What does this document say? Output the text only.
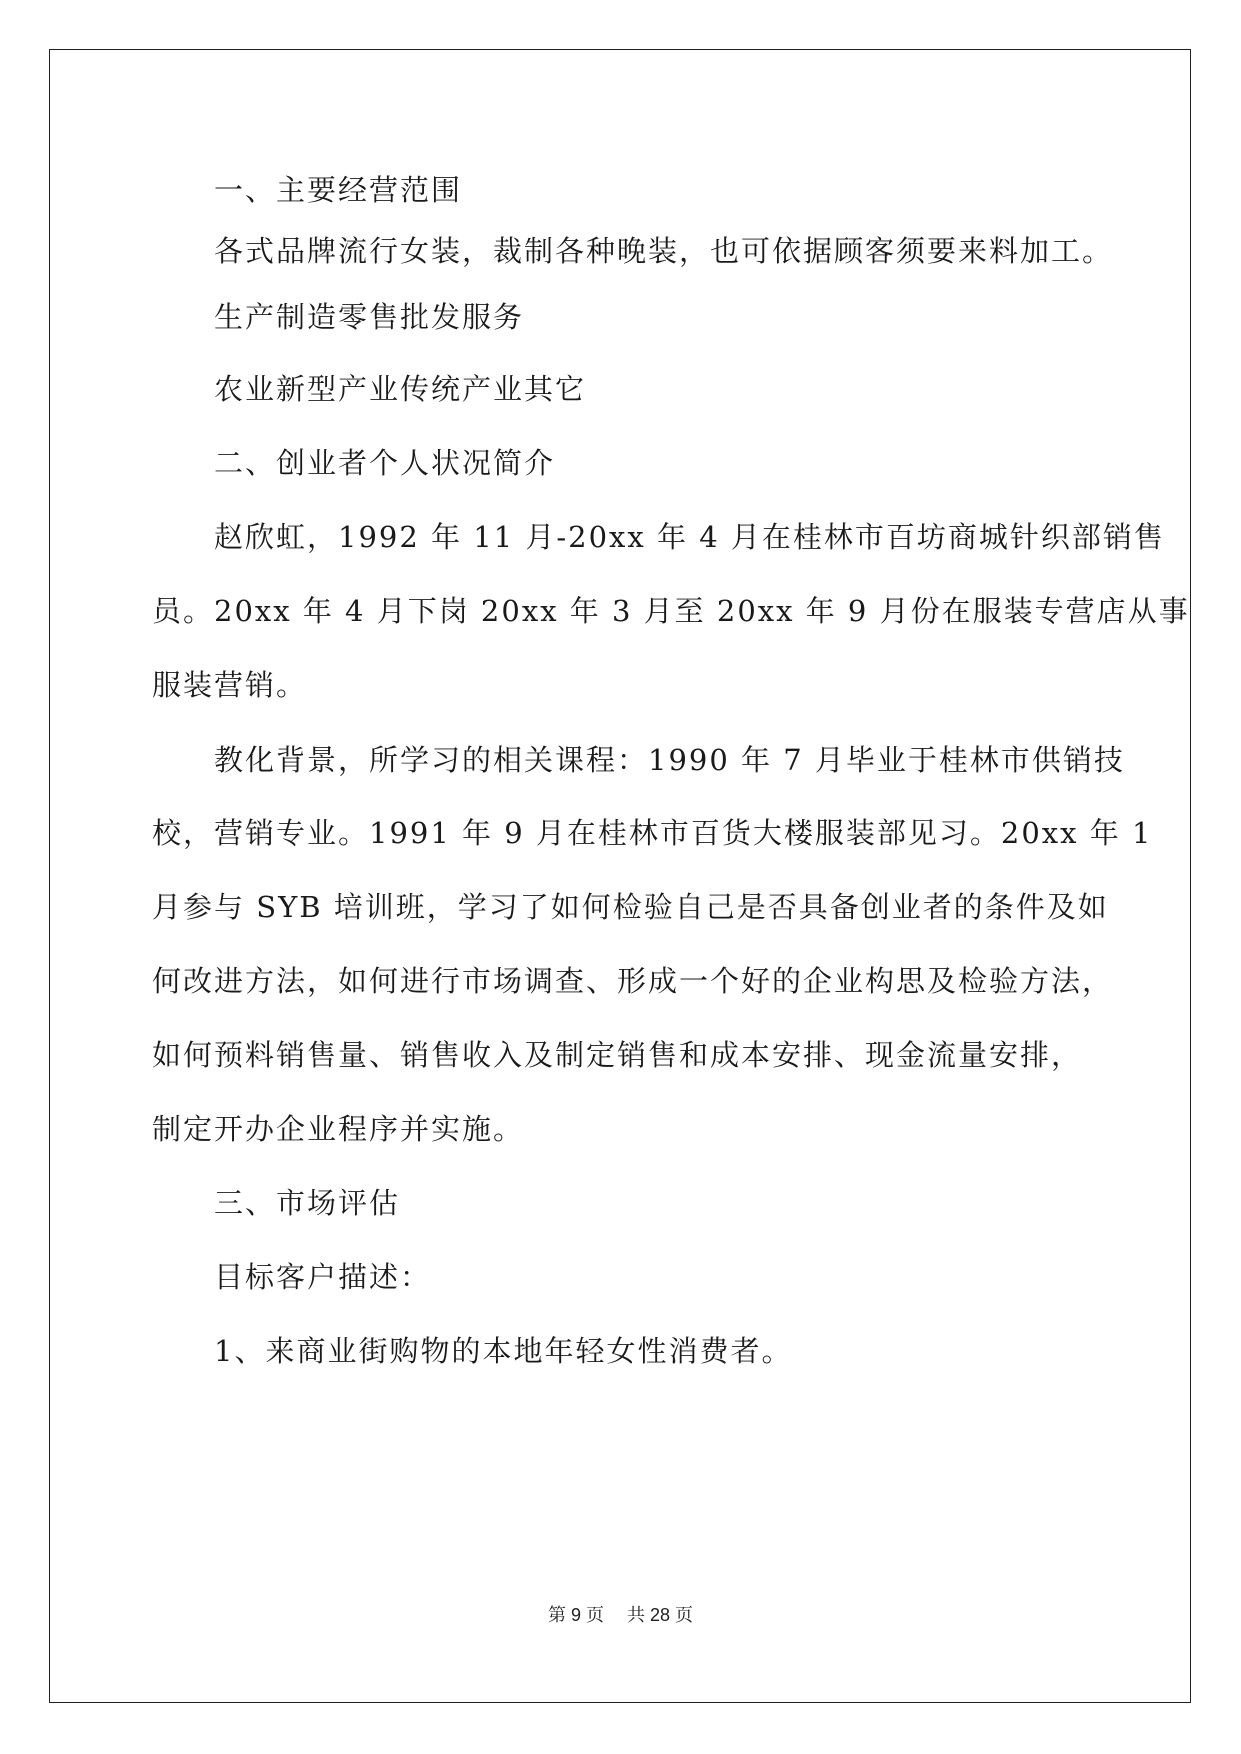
一、主要经营范围
各式品牌流行女装，裁制各种晚装，也可依据顾客须要来料加工。
生产制造零售批发服务
农业新型产业传统产业其它
二、创业者个人状况简介
赵欣虹，1992 年 11 月-20xx 年 4 月在桂林市百坊商城针织部销售
员。20xx 年 4 月下岗 20xx 年 3 月至 20xx 年 9 月份在服装专营店从事
服装营销。
教化背景，所学习的相关课程：1990 年 7 月毕业于桂林市供销技
校，营销专业。1991 年 9 月在桂林市百货大楼服装部见习。20xx 年 1
月参与 SYB 培训班，学习了如何检验自己是否具备创业者的条件及如
何改进方法，如何进行市场调查、形成一个好的企业构思及检验方法，
如何预料销售量、销售收入及制定销售和成本安排、现金流量安排，
制定开办企业程序并实施。
三、市场评估
目标客户描述：
1、来商业街购物的本地年轻女性消费者。
第 9 页　 共 28 页
